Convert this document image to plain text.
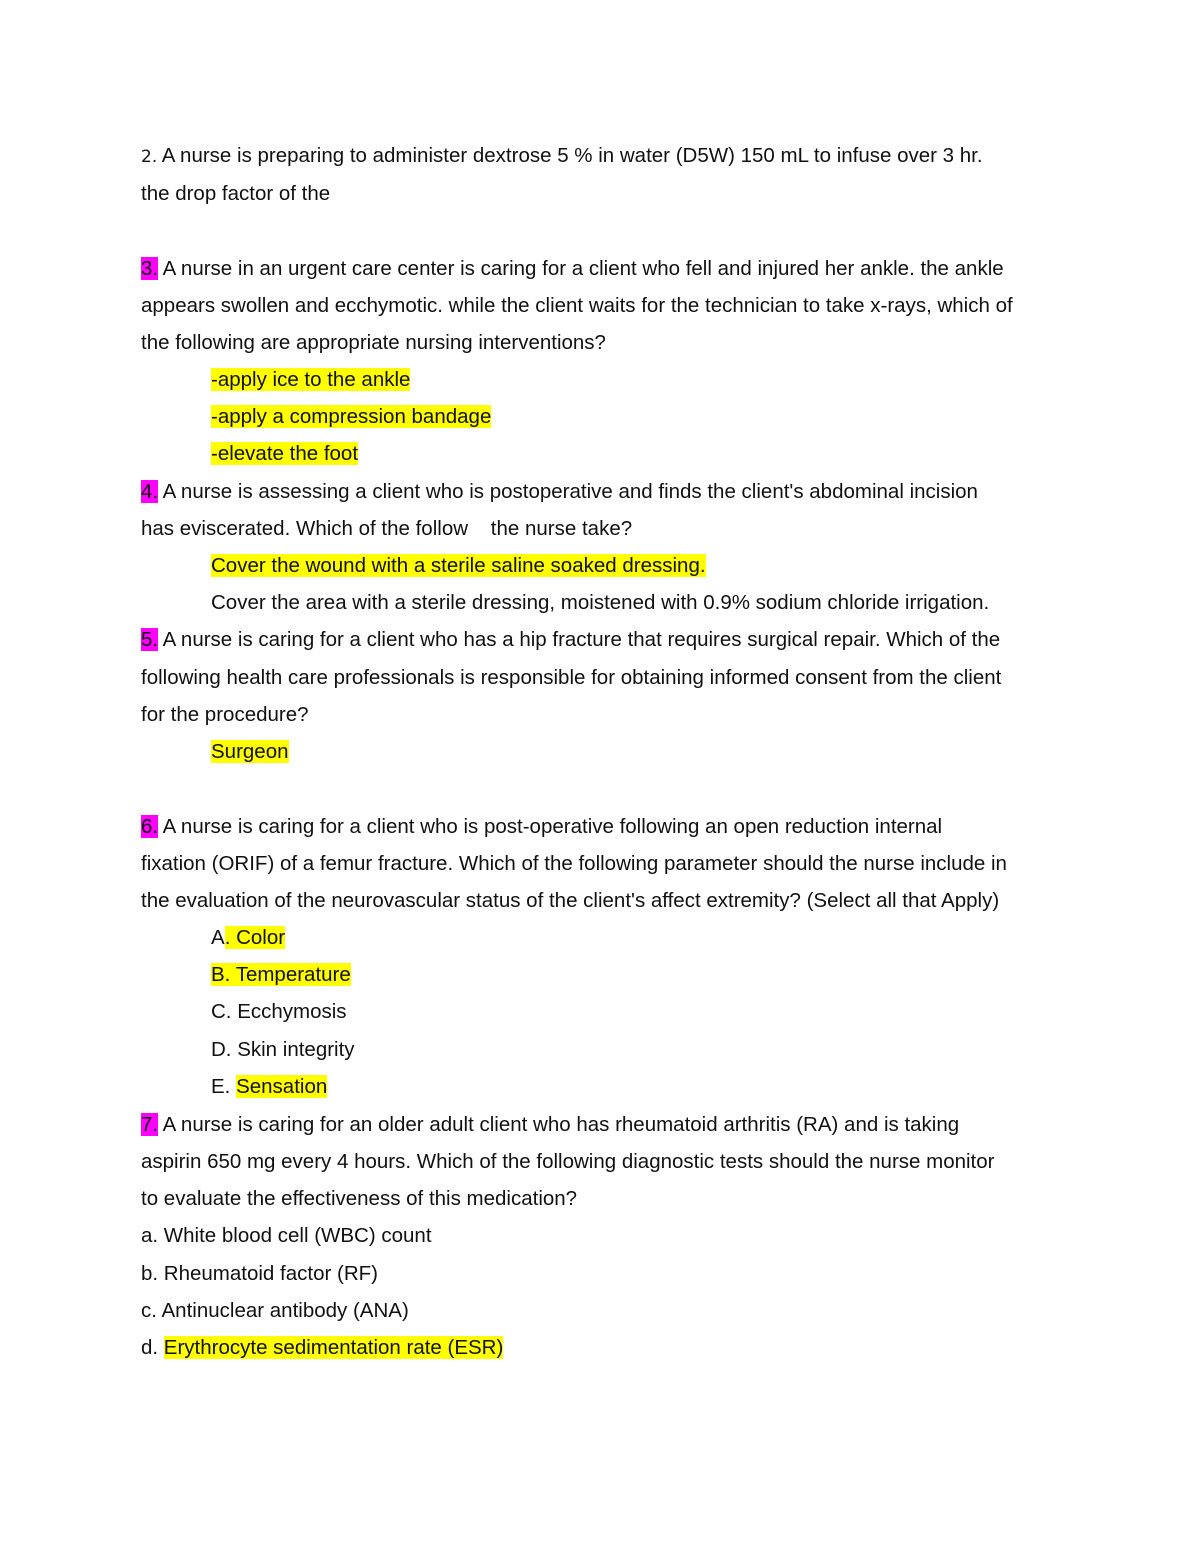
2. A nurse is preparing to administer dextrose 5 % in water (D5W) 150 mL to infuse over 3 hr.
the drop factor of the
3. A nurse in an urgent care center is caring for a client who fell and injured her ankle. the ankle
appears swollen and ecchymotic. while the client waits for the technician to take x-rays, which of
the following are appropriate nursing interventions?
-apply ice to the ankle
-apply a compression bandage
-elevate the foot
4. A nurse is assessing a client who is postoperative and finds the client's abdominal incision
has eviscerated. Which of the follow    the nurse take?
Cover the wound with a sterile saline soaked dressing.
Cover the area with a sterile dressing, moistened with 0.9% sodium chloride irrigation.
5. A nurse is caring for a client who has a hip fracture that requires surgical repair. Which of the
following health care professionals is responsible for obtaining informed consent from the client
for the procedure?
Surgeon
6. A nurse is caring for a client who is post-operative following an open reduction internal
fixation (ORIF) of a femur fracture. Which of the following parameter should the nurse include in
the evaluation of the neurovascular status of the client's affect extremity? (Select all that Apply)
A. Color
B. Temperature
C. Ecchymosis
D. Skin integrity
E. Sensation
7. A nurse is caring for an older adult client who has rheumatoid arthritis (RA) and is taking
aspirin 650 mg every 4 hours. Which of the following diagnostic tests should the nurse monitor
to evaluate the effectiveness of this medication?
a. White blood cell (WBC) count
b. Rheumatoid factor (RF)
c. Antinuclear antibody (ANA)
d. Erythrocyte sedimentation rate (ESR)
